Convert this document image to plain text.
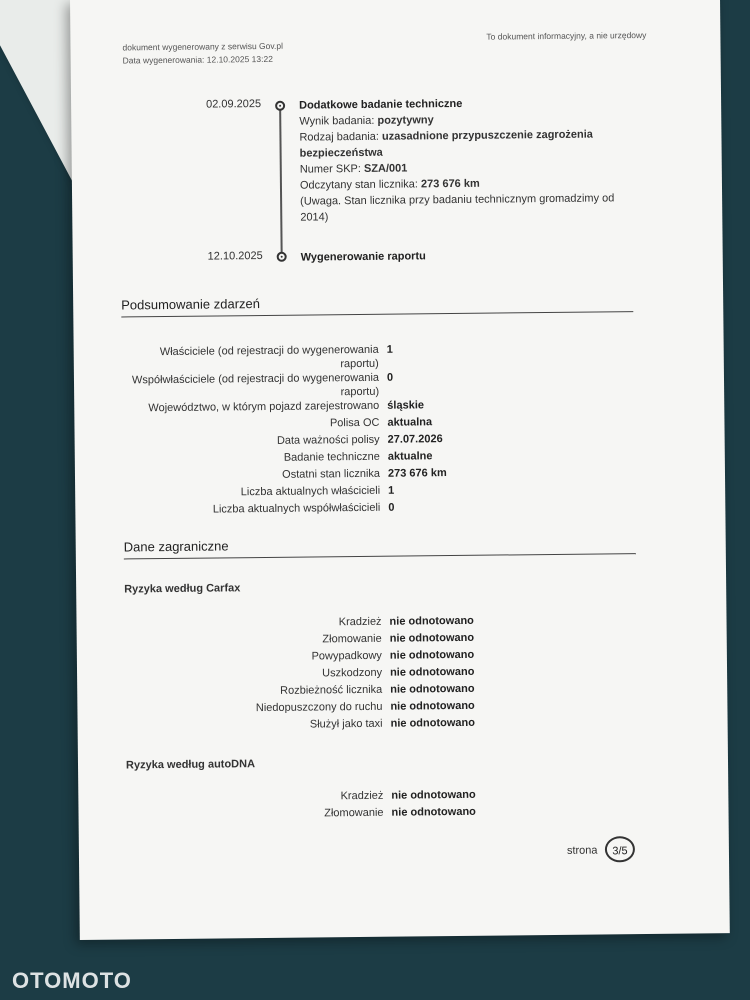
dokument wygenerowany z serwisu Gov.pl
Data wygenerowania: 12.10.2025 13:22
To dokument informacyjny, a nie urzędowy
02.09.2025	Dodatkowe badanie techniczne
Wynik badania: pozytywny
Rodzaj badania: uzasadnione przypuszczenie zagrożenia bezpieczeństwa
Numer SKP: SZA/001
Odczytany stan licznika: 273 676 km
(Uwaga. Stan licznika przy badaniu technicznym gromadzimy od 2014)
12.10.2025	Wygenerowanie raportu
Podsumowanie zdarzeń
Właściciele (od rejestracji do wygenerowania raportu)
1
Współwłaściciele (od rejestracji do wygenerowania raportu)
0
Województwo, w którym pojazd zarejestrowano śląskie
Polisa OC aktualna
Data ważności polisy 27.07.2026
Badanie techniczne aktualne
Ostatni stan licznika 273 676 km
Liczba aktualnych właścicieli 1
Liczba aktualnych współwłaścicieli 0
Dane zagraniczne
Ryzyka według Carfax
Kradzież nie odnotowano
Złomowanie nie odnotowano
Powypadkowy nie odnotowano
Uszkodzony nie odnotowano
Rozbieżność licznika nie odnotowano
Niedopuszczony do ruchu nie odnotowano
Służył jako taxi nie odnotowano
Ryzyka według autoDNA
Kradzież nie odnotowano
Złomowanie nie odnotowano
strona	3/5
OTOMOTO
